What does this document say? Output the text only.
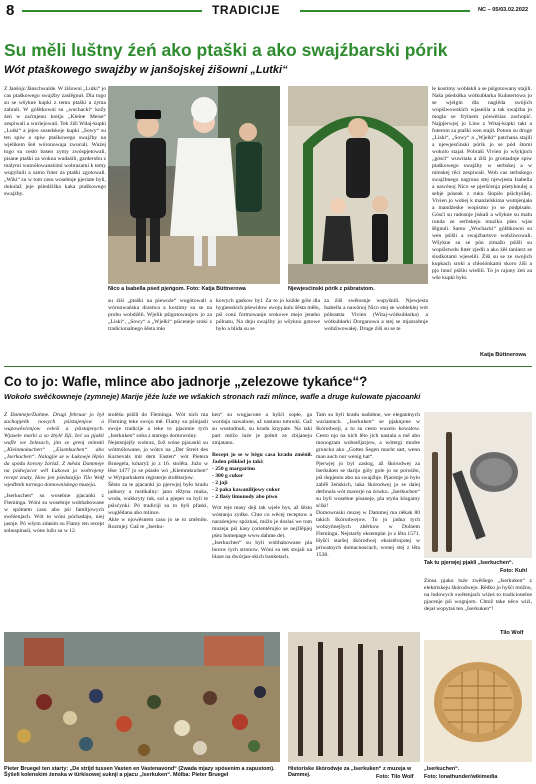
8	TRADICIJE	NC – 05/03.02.2022
Su měli luštny źeń ako ptaški a ako swajźbarski pórik
Wót ptaškowego swajźby w janšojskej źišowni „Lutki“

Z Janšojc/Jänschwalde. W źišowni „Lutki“ jo cas ptaškowego swajźby zaslěgnuł. Dla togo su se wšykne kupki z temu ptaški a zyma zahrali. W gólštkowni su „wuchacki“ kužy źeń w zaćmjenu kreiju „Kleine Meise“ zespiwali a wuriejowali. Tek źiši Wiłaj-kupki „Lutki“ a jejeo susedskeje kupki „Sowy“ su ten spiw a spiw ptaškowego swajźby na wjelikem šeń wóronowaja zwuculi. Wuźej togo su cesto basen zymy zwóspjetowali, pisane ptaški za wokna wudaśili, garderobu z malymi wumółowanskimi wobrazami k temy wupyšnili a samo futer za ptaški zgotowali. „Wiki“ su w tom casu wosebnje pjeriate byli, dokulaž jeje pśiedźiška kaka ptaškowego swajźby.

Nico a Isabella pśed pjeńgom. Foto: Katja Büttnerowa	Njewjesćinski pórik z pśbratstom.

su źiśi „ptaški na piewoźe“ wugótowali a wórnowańska drastwa a kostimy su se na probu wobdźěli. Wjelik pśigotowanjow jo za „Liski“, „Sowy“ a „Wjelki“ pśiceneje sroki z tradicionalnego šěsta mło

kowych gaskow byl. Za to jo kužde góle dla hygienskich pśewidow swoju kulu šěsta měło, pśi conż formowanje srokowe mejo jeneho pólnatu, Na dnju swajźby jo wšykno gotowe było a blida su se

za źiši swětosnje wupyšnili. Njewjesta Isabella a nawónoj Nico stej se wobleklej wót póbratsta Vivien (Witaj-wótkubłarka) a wótkubłarki Dorganowa a stej se mjazsobnje wobźiwowałej. Druge źiši su se te

le kostimy wobłakli a se pśigotowany stajili. Naša pśedsiłka wótkubłarka Kuhnertowa jo se wjelgin dla naglěda swójich wopśiwowskich wjaselila a tak swajźba jo mogła se fryinem póswěśias zachopić. Najpjerwjej jo Lino z Witaj-kupki takt a futerom za ptaški wen stajił. Potom su druge „Liski“, „Sowy“ a „Wjelki“ patchana stajili a njewjesćinski pórik jo se pód štomi wokolo stajał. Pobraši Vivien jo wšykjnch „gósći“ wuwitała a źiši jo gromadnje spiw ptaškowego swajźby w serbskej a w nimskej rěci zespiwali. Wob cas serbskego swajźbnego nagrona stej njewjesta Isabella a nawónoj Nico se pjeršćenja pśetyknulej a sebje póseak z ruku šlopiło pśichyśiłej. Vivien jo wobej k manźelskima wumjenjała a mandżeske wopismo jo se pódpisało. Gósći su radosnje jiskali a wšykne su malu runda ze serbskeju muziku pśez wjas šěgnuli. Samo „Wuchacki“ gólštkowni su wen pśišli a swajźbartsvo wobźiwowali. Wšykne su se pón zimažu pśišli su wopśistwdu futer zjedli a ako źěś tanlierz se slodkotami wjeselili. Źiši su se ze swojich kupkach sroki a chłośónkami skoro źiši a pjo hnuć pśišiu wiešili. To jo rajony źeń za wše kupki było.

Katja Büttnerowa
Co to jo: Wafle, mlince abo jadnorje „zelezowe tykańce“?
Wokoło swěćkowneje (zymneje) Marije jěźe luźe we wšakich stronach raźi mlince, wafle a druge kulowate pjacoanki

Z Damneje/Dahme. Drugi februar jo był zachopjeńk nowych pśistajenjow a wupowěsćenjow celeśi a pśistajenych. Wjasele marki a so zbylé žiji, žeć su pjakli wafle we železach, jim se grenį mimski „Kleinmokuchen“ „Eisenkuchen“ abo „Iserkuchen“. Nalogjie se w Łukowje lěpšo da spódu korony žarlaž. Z města Dammeje na pódwjacor wěl Łukowa jo wobrojeny recept znaty. How jen pśedstajijo Tilo Wołf wjedbnik turnego domowniskego muzeja.

„Iserkuchen“ su wosebne pjacanki z Fleminga. Wóni su wosebnje wobhabowane w spótnem casu abo pśi famíljowych swěźenjach. Wót to wóni póchadaju, niej jasnje. Pó wšym zdasim su Flamy ten recept sobuspinaśi, wóne lužu su w 12.

stolěśu pśišli do Fleminga. Wót nich ma Fleming teke swojo mě. Flamy su pśinjasli swoje tradicije a teke to pjacenie tych „Iserkuken“ soba z starego domowniny.
Nejstsnjejšy wobraz, žož wóne pjacanki su wótmólowane, jo wótcs na „Der Streit des Karnevals mit dem Fasten“ wót Pietera Bruegela, kótaryž jo z 16. stolěta. Južo w lěse 1477 jo se pśasło wó „Klemmkuchen“ w Wytparkskem registerje stolětarjow.
Šěsto za te pjacanki jo pjerwjej było kradu jadnory a rustikalny: jano rěžyna muka, woda, wukkryty tuk, sol a pjeper su byli te pśisćynki. Pó tradiciji su to byli pfaski, wuglědanu abo mlince.
Akle w njowěsnem casu jo se to změniło. Rozmjej: Gaž te „Iserku-

ken“ su wugjacone a hyšći sopłe, ga wordaju nawalone, až nastanu tutuwki. Gaž su wustudnuli, su kradu knypate. Na taki part móžo luźe je połnit ze zbijaneju zmjatanu.

Recept jo se w běgu casa kradu změnił. Jaden pśikład jo taki:

- 250 g margarinu
- 300 g cukor
- 2 jaji
- 2 paka kawanilijowy cukor
- 2 flaśy limonody abo piwo

Wót teje masy deji tak wjele bys, až šěsto wóstanjo zydke. Chto co wěcej receptow a naraźenjow spóznaś, móžo je doslaś we tom muzeju pśi kasy (orientěrujśo se nejžlěpjej pśez homepage www.dahme.de).
„Iserkuchen“ su byli wobhabowane pla burow tych stronow. Wóni su tek stojali na blaze na dwórjan-skich banketach.

Tam su byli kradu nadobne, we elegantnych wariantach. „Iserkuken“ se pjaknjone w škórodweji, a to su cesto wuzelo kowalow. Cesto njo na nich lěto jich nastala a mě abo monogram wobsežjarjow, a wótergi mudre groncko ako „Gottes Segen macht satt, wenn man auch nur wenig hat“.
Pjerwjej jo byl zaslog, až škórodwej za Iserkuken se darijo góly gole jo se porośiło, pśi dupjeniu abo na swajźbje. Pjacenje jo bylo zabřě žeńskich, taka škórodwej jo se dalej derbnula wót macerje na źowku. „Iserkuchen“ su byli wosebne pisaneje, pla styńu klogamy sćiki!
Domowniski muzej w Dammej ma někak 80 takich škórodwejow. To jo jadna tych wobzyńnejšych zběrkow w Dolnem Flemingu. Nejstaršy eksemplar jo z lěta 1571. Hyšći staršej škórodwej eksistěrujotej w priwatnych domacnosćach, wonej stej z lěta 1538.

Tak tu pjerwjej pjakli „Iserkuchen“.
Foto: Kuhl

Źinsa pjaku luźe zwětšego „Iserkuken“ z elektriskeju škórodweju. Rědko jo hyšći móžno, na ludowych swětenjach wiźeś to tradicionelne pjacenje pśi wognjom. Chtož take něco wiźi, dejał wopytaś ten „Iserkuken“!

Tilo Wolf
Pieter Bruegel ten starty: „De strijd tussen Vasten en Vastenavond“ (Zwada mjazy spósenim a zapustom). Šýšeli kolenskim żenska w türkisowej suknji a pjacu „Iserkuken“. Mólba: Pieter Bruegel
Historiske škórodwje za „Iserkuken“ z muzeja w Dammej.	Foto: Tilo Wolf
„Iserkuchen“.
Foto: lonathunder/wikimedia
